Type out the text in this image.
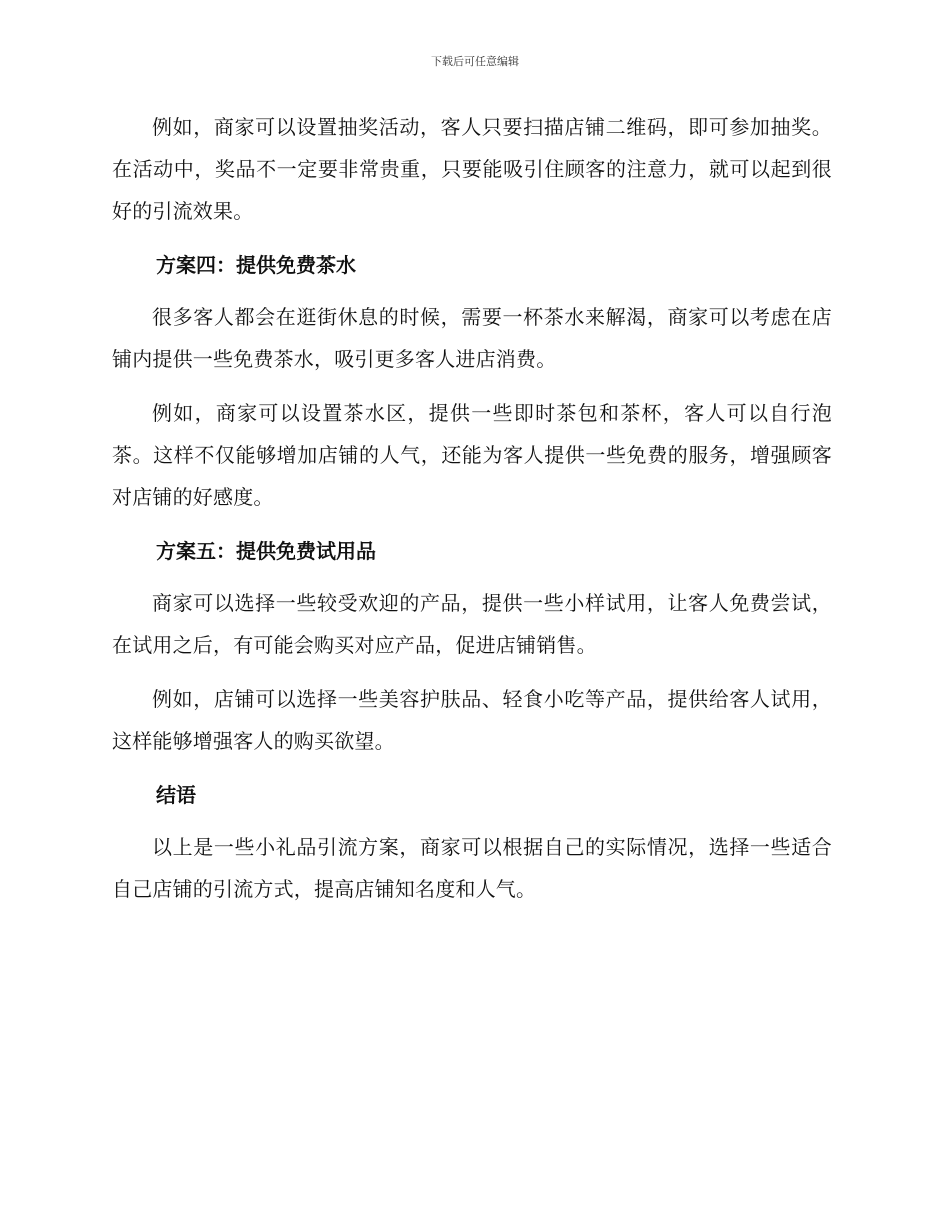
下载后可任意编辑

例如，商家可以设置抽奖活动，客人只要扫描店铺二维码，即可参加抽奖。在活动中，奖品不一定要非常贵重，只要能吸引住顾客的注意力，就可以起到很好的引流效果。

方案四：提供免费茶水

很多客人都会在逛街休息的时候，需要一杯茶水来解渴，商家可以考虑在店铺内提供一些免费茶水，吸引更多客人进店消费。

例如，商家可以设置茶水区，提供一些即时茶包和茶杯，客人可以自行泡茶。这样不仅能够增加店铺的人气，还能为客人提供一些免费的服务，增强顾客对店铺的好感度。

方案五：提供免费试用品

商家可以选择一些较受欢迎的产品，提供一些小样试用，让客人免费尝试，在试用之后，有可能会购买对应产品，促进店铺销售。

例如，店铺可以选择一些美容护肤品、轻食小吃等产品，提供给客人试用，这样能够增强客人的购买欲望。

结语

以上是一些小礼品引流方案，商家可以根据自己的实际情况，选择一些适合自己店铺的引流方式，提高店铺知名度和人气。
